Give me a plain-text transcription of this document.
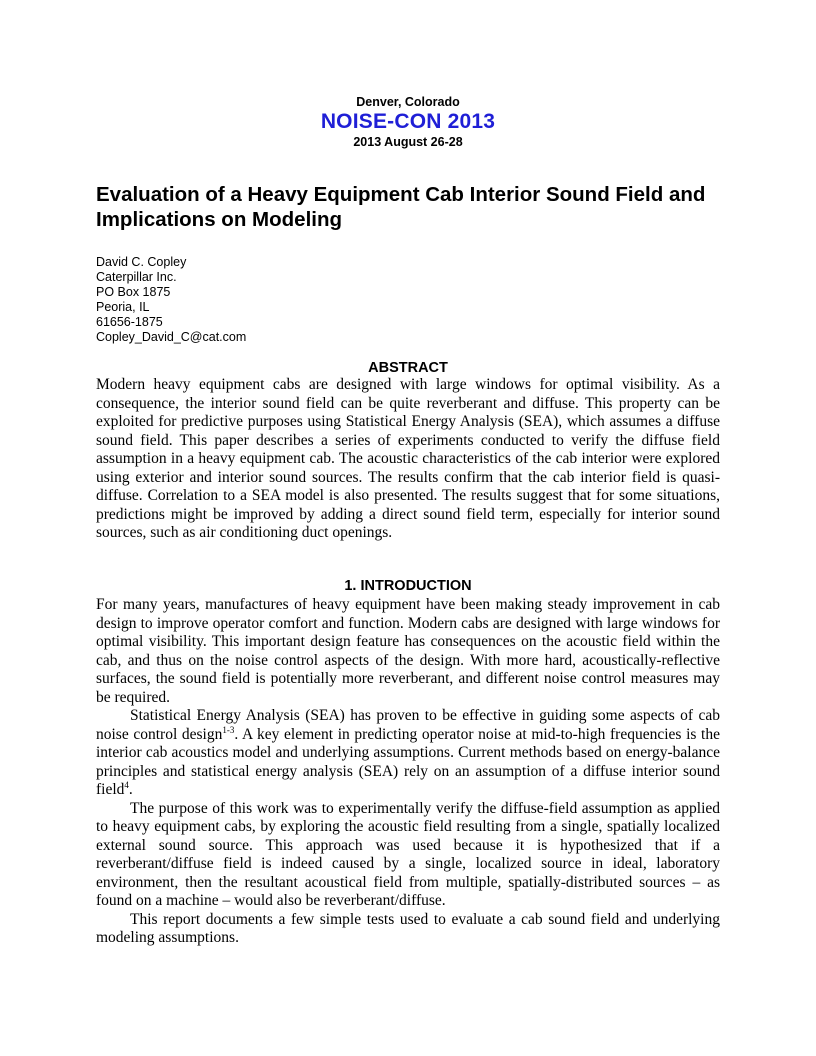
Denver, Colorado
NOISE-CON 2013
2013 August 26-28
Evaluation of a Heavy Equipment Cab Interior Sound Field and Implications on Modeling
David C. Copley
Caterpillar Inc.
PO Box 1875
Peoria, IL
61656-1875
Copley_David_C@cat.com
ABSTRACT

Modern heavy equipment cabs are designed with large windows for optimal visibility. As a consequence, the interior sound field can be quite reverberant and diffuse. This property can be exploited for predictive purposes using Statistical Energy Analysis (SEA), which assumes a diffuse sound field. This paper describes a series of experiments conducted to verify the diffuse field assumption in a heavy equipment cab. The acoustic characteristics of the cab interior were explored using exterior and interior sound sources. The results confirm that the cab interior field is quasi-diffuse. Correlation to a SEA model is also presented. The results suggest that for some situations, predictions might be improved by adding a direct sound field term, especially for interior sound sources, such as air conditioning duct openings.

1. INTRODUCTION

For many years, manufactures of heavy equipment have been making steady improvement in cab design to improve operator comfort and function. Modern cabs are designed with large windows for optimal visibility. This important design feature has consequences on the acoustic field within the cab, and thus on the noise control aspects of the design. With more hard, acoustically-reflective surfaces, the sound field is potentially more reverberant, and different noise control measures may be required.

Statistical Energy Analysis (SEA) has proven to be effective in guiding some aspects of cab noise control design$^{1-3}$. A key element in predicting operator noise at mid-to-high frequencies is the interior cab acoustics model and underlying assumptions. Current methods based on energy-balance principles and statistical energy analysis (SEA) rely on an assumption of a diffuse interior sound field$^4$.

The purpose of this work was to experimentally verify the diffuse-field assumption as applied to heavy equipment cabs, by exploring the acoustic field resulting from a single, spatially localized external sound source. This approach was used because it is hypothesized that if a reverberant/diffuse field is indeed caused by a single, localized source in ideal, laboratory environment, then the resultant acoustical field from multiple, spatially-distributed sources – as found on a machine – would also be reverberant/diffuse.

This report documents a few simple tests used to evaluate a cab sound field and underlying modeling assumptions.
